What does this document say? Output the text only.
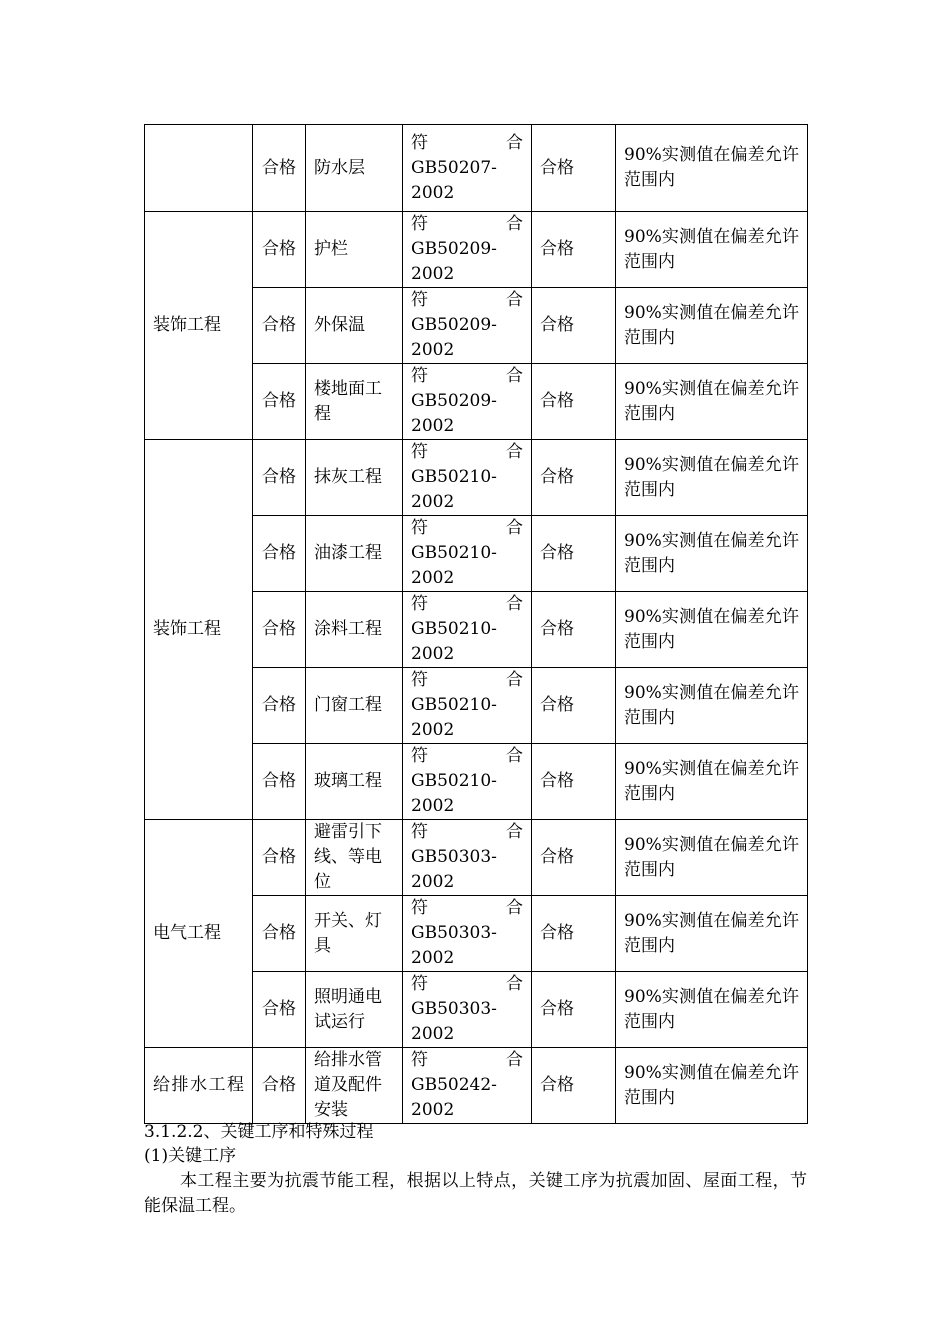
	合格	防水层	符 合
GB50207-
2002	合格	90%实测值在偏差允许范围内
装饰工程	合格	护栏	符 合
GB50209-
2002	合格	90%实测值在偏差允许范围内

	合格	外保温	符 合
GB50209-
2002	合格	90%实测值在偏差允许范围内

	合格	楼地面工程	符 合
GB50209-
2002	合格	90%实测值在偏差允许范围内
装饰工程	合格	抹灰工程	符 合
GB50210-
2002	合格	90%实测值在偏差允许范围内

	合格	油漆工程	符 合
GB50210-
2002	合格	90%实测值在偏差允许范围内

	合格	涂料工程	符 合
GB50210-
2002	合格	90%实测值在偏差允许范围内

	合格	门窗工程	符 合
GB50210-
2002	合格	90%实测值在偏差允许范围内

	合格	玻璃工程	符 合
GB50210-
2002	合格	90%实测值在偏差允许范围内
电气工程	合格	避雷引下线、等电位	符 合
GB50303-
2002	合格	90%实测值在偏差允许范围内

	合格	开关、灯具	符 合
GB50303-
2002	合格	90%实测值在偏差允许范围内

	合格	照明通电试运行	符 合
GB50303-
2002	合格	90%实测值在偏差允许范围内
给排水工程	合格	给排水管道及配件安装	符 合
GB50242-
2002	合格	90%实测值在偏差允许范围内
3.1.2.2、关键工序和特殊过程
(1)关键工序
本工程主要为抗震节能工程，根据以上特点，关键工序为抗震加固、屋面工程，节能保温工程。
